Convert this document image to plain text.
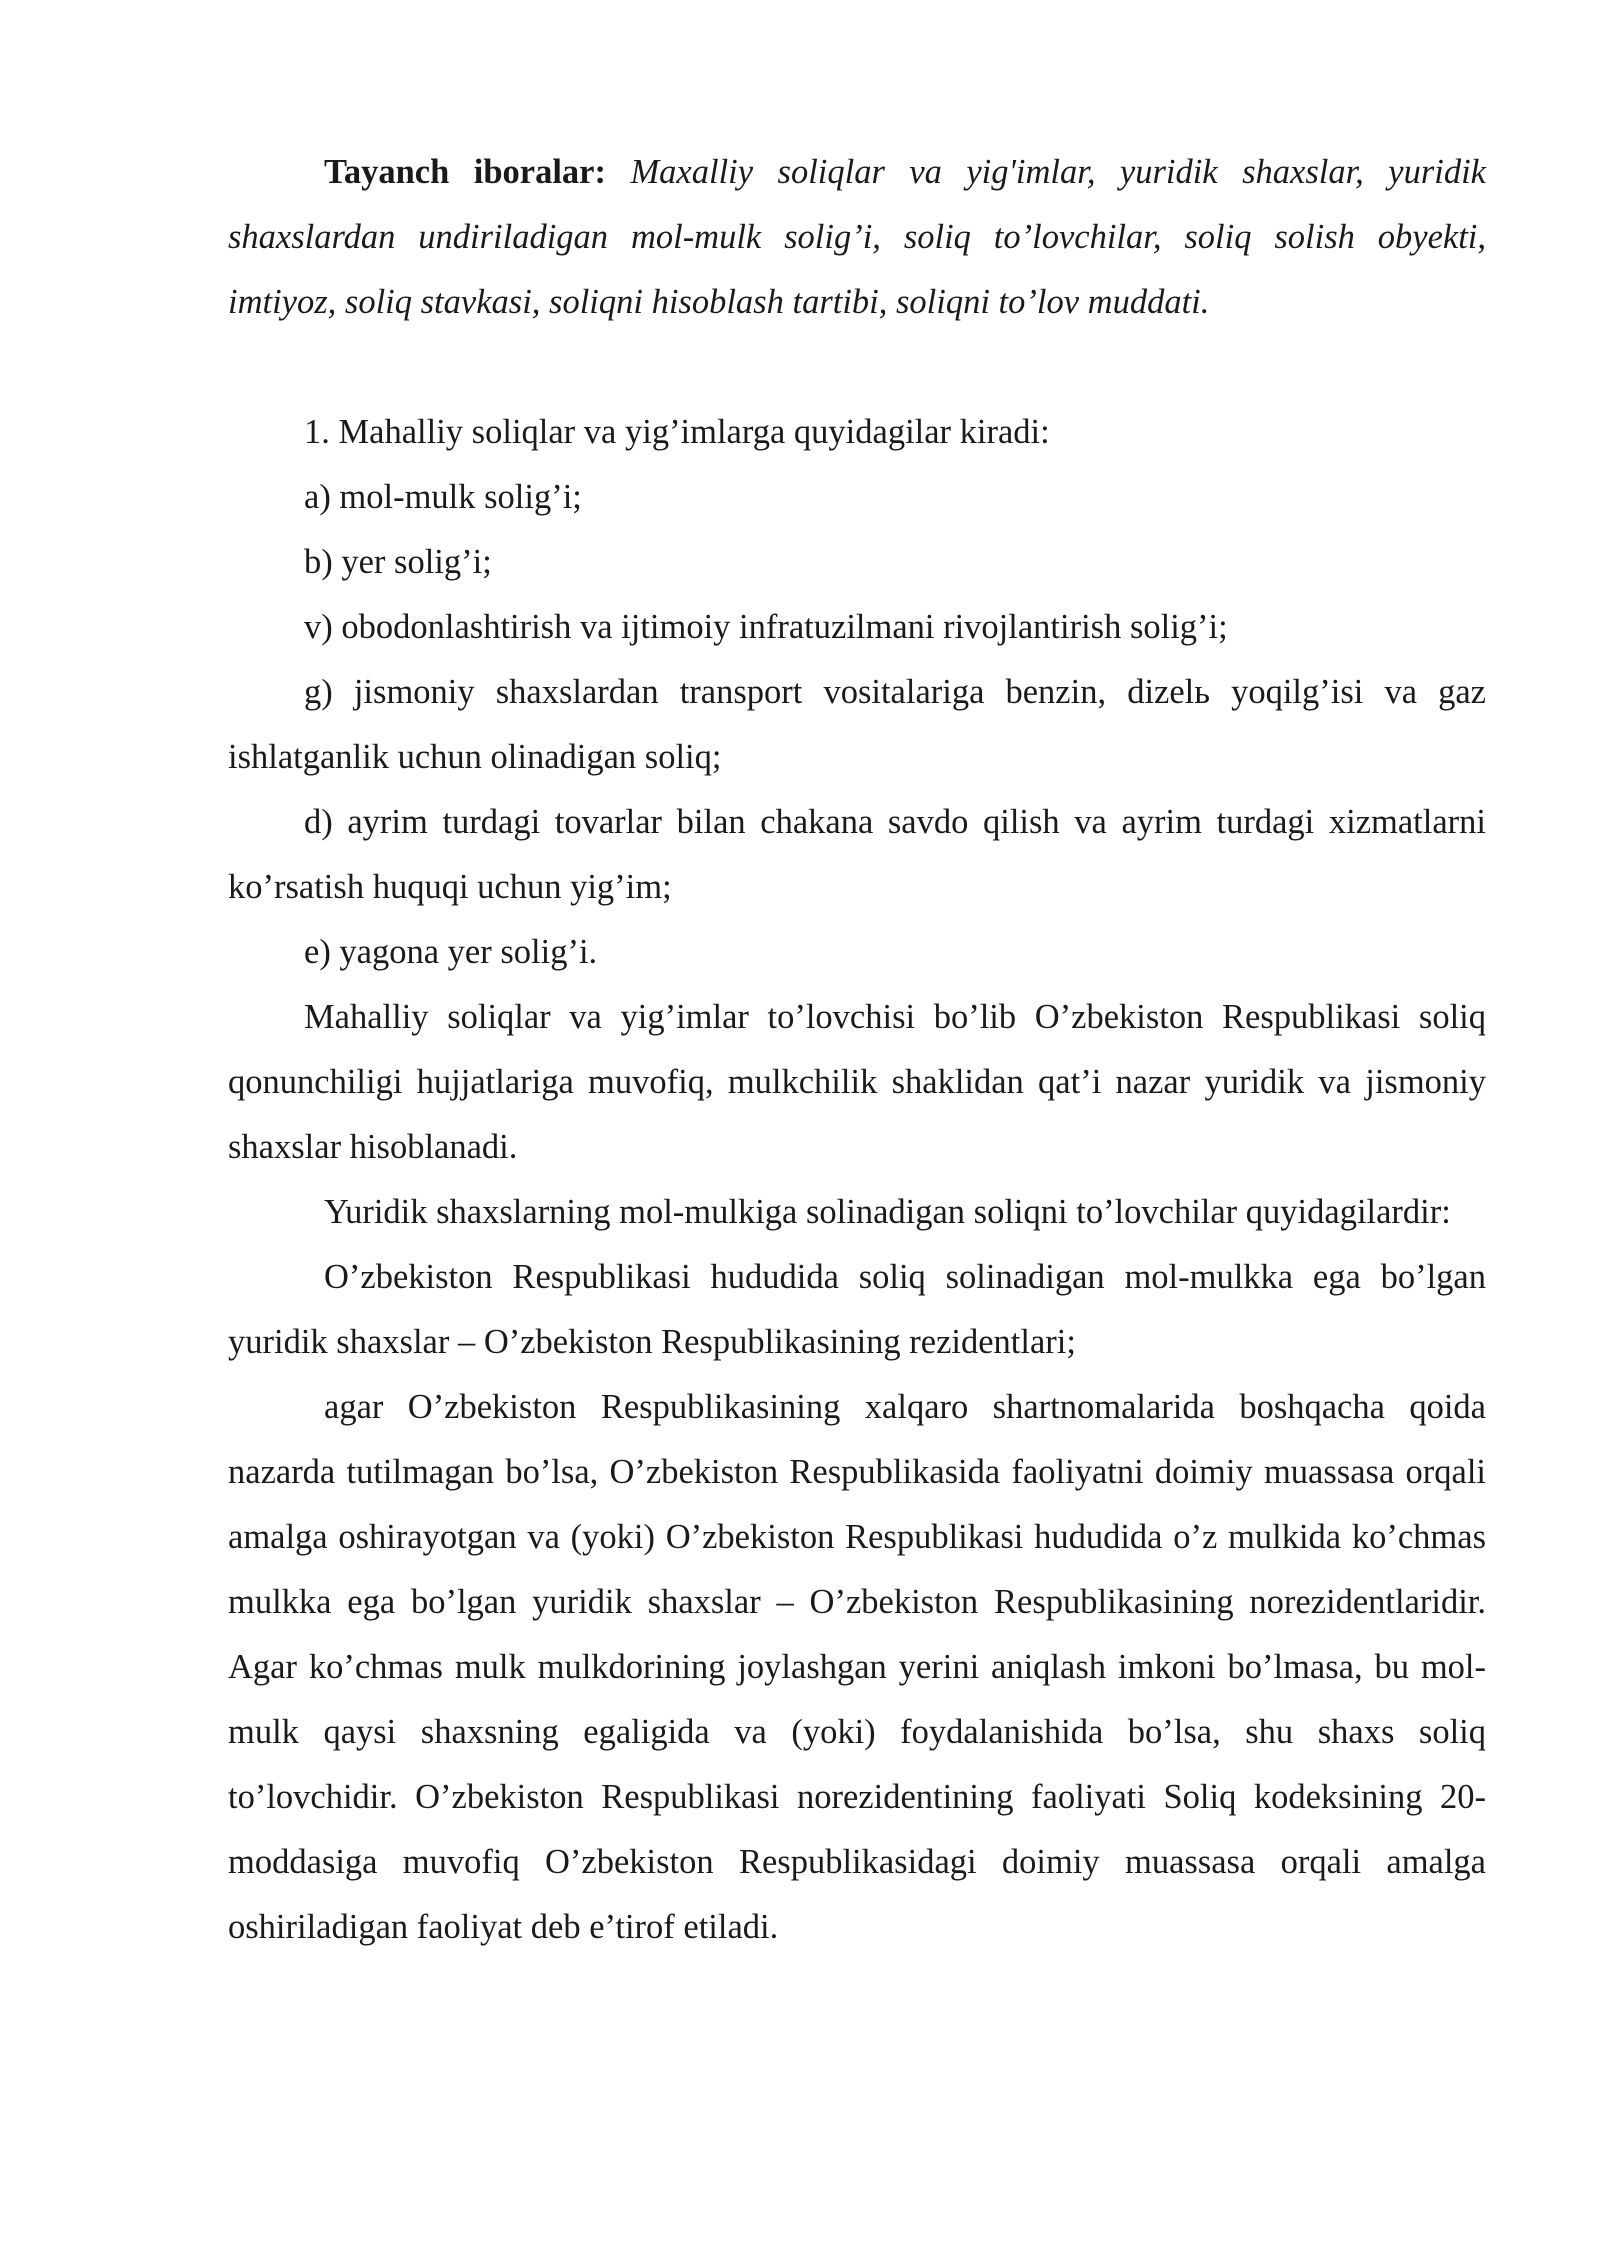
Tayanch iboralar: Maxalliy soliqlar va yig'imlar, yuridik shaxslar, yuridik shaxslardan undiriladigan mol-mulk solig’i, soliq to’lovchilar, soliq solish obyekti, imtiyoz, soliq stavkasi, soliqni hisoblash tartibi, soliqni to’lov muddati.

1. Mahalliy soliqlar va yig’imlarga quyidagilar kiradi:

a) mol-mulk solig’i;

b) yer solig’i;

v) obodonlashtirish va ijtimoiy infratuzilmani rivojlantirish solig’i;

g) jismoniy shaxslardan transport vositalariga benzin, dizelь yoqilg’isi va gaz ishlatganlik uchun olinadigan soliq;

d) ayrim turdagi tovarlar bilan chakana savdo qilish va ayrim turdagi xizmatlarni ko’rsatish huquqi uchun yig’im;

e) yagona yer solig’i.

Mahalliy soliqlar va yig’imlar to’lovchisi bo’lib O’zbekiston Respublikasi soliq qonunchiligi hujjatlariga muvofiq, mulkchilik shaklidan qat’i nazar yuridik va jismoniy shaxslar hisoblanadi.

Yuridik shaxslarning mol-mulkiga solinadigan soliqni to’lovchilar quyidagilardir:

O’zbekiston Respublikasi hududida soliq solinadigan mol-mulkka ega bo’lgan yuridik shaxslar – O’zbekiston Respublikasining rezidentlari;

agar O’zbekiston Respublikasining xalqaro shartnomalarida boshqacha qoida nazarda tutilmagan bo’lsa, O’zbekiston Respublikasida faoliyatni doimiy muassasa orqali amalga oshirayotgan va (yoki) O’zbekiston Respublikasi hududida o’z mulkida ko’chmas mulkka ega bo’lgan yuridik shaxslar – O’zbekiston Respublikasining norezidentlaridir. Agar ko’chmas mulk mulkdorining joylashgan yerini aniqlash imkoni bo’lmasa, bu mol-mulk qaysi shaxsning egaligida va (yoki) foydalanishida bo’lsa, shu shaxs soliq to’lovchidir. O’zbekiston Respublikasi norezidentining faoliyati Soliq kodeksining 20-moddasiga muvofiq O’zbekiston Respublikasidagi doimiy muassasa orqali amalga oshiriladigan faoliyat deb e’tirof etiladi.
